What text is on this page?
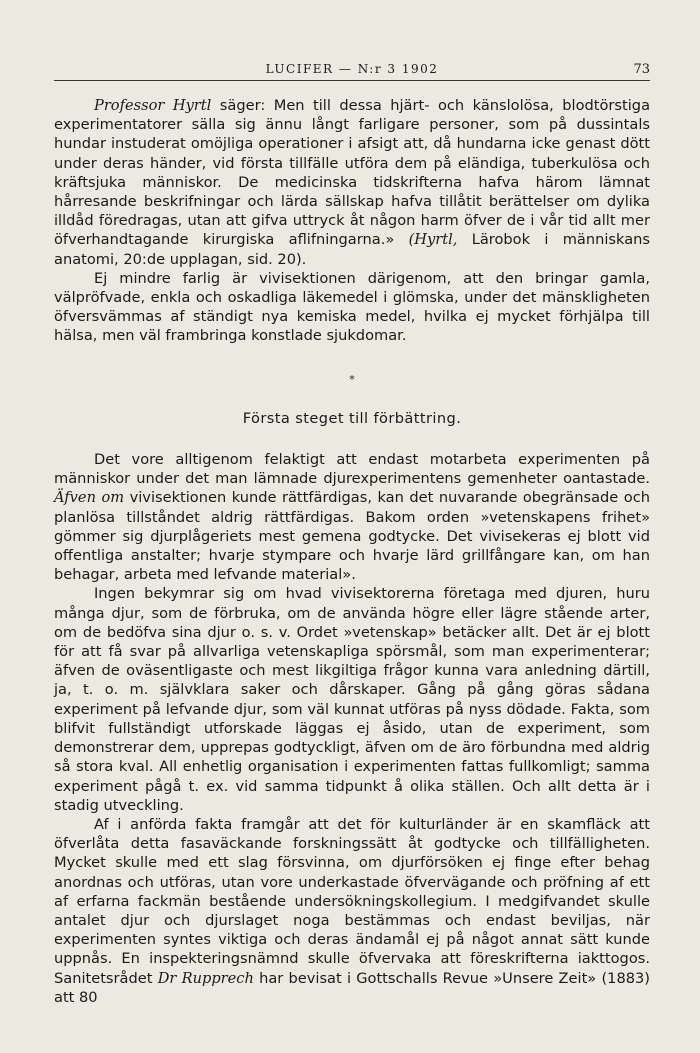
LUCIFER — N:r 3 1902	73

Professor Hyrtl säger: Men till dessa hjärt- och känslolösa, blodtörstiga experimentatorer sälla sig ännu långt farligare personer, som på dussintals hundar instuderat omöjliga operationer i afsigt att, då hundarna icke genast dött under deras händer, vid första tillfälle utföra dem på eländiga, tuberkulösa och kräftsjuka människor. De medicinska tidskrifterna hafva härom lämnat hårresande beskrifningar och lärda sällskap hafva tillåtit berättelser om dylika illdåd föredragas, utan att gifva uttryck åt någon harm öfver de i vår tid allt mer öfverhandtagande kirurgiska aflifningarna.» (Hyrtl, Lärobok i människans anatomi, 20:de upplagan, sid. 20).

Ej mindre farlig är vivisektionen därigenom, att den bringar gamla, välpröfvade, enkla och oskadliga läkemedel i glömska, under det mänskligheten öfversvämmas af ständigt nya kemiska medel, hvilka ej mycket förhjälpa till hälsa, men väl frambringa konstlade sjukdomar.

*
Första steget till förbättring.

Det vore alltigenom felaktigt att endast motarbeta experimenten på människor under det man lämnade djurexperimentens gemenheter oantastade. Äfven om vivisektionen kunde rättfärdigas, kan det nuvarande obegränsade och planlösa tillståndet aldrig rättfärdigas. Bakom orden »vetenskapens frihet» gömmer sig djurplågeriets mest gemena godtycke. Det vivisekeras ej blott vid offentliga anstalter; hvarje stympare och hvarje lärd grillfångare kan, om han behagar, arbeta med lefvande material».

Ingen bekymrar sig om hvad vivisektorerna företaga med djuren, huru många djur, som de förbruka, om de använda högre eller lägre stående arter, om de bedöfva sina djur o. s. v. Ordet »vetenskap» betäcker allt. Det är ej blott för att få svar på allvarliga vetenskapliga spörsmål, som man experimenterar; äfven de oväsentligaste och mest likgiltiga frågor kunna vara anledning därtill, ja, t. o. m. självklara saker och dårskaper. Gång på gång göras sådana experiment på lefvande djur, som väl kunnat utföras på nyss dödade. Fakta, som blifvit fullständigt utforskade läggas ej åsido, utan de experiment, som demonstrerar dem, upprepas godtyckligt, äfven om de äro förbundna med aldrig så stora kval. All enhetlig organisation i experimenten fattas fullkomligt; samma experiment pågå t. ex. vid samma tidpunkt å olika ställen. Och allt detta är i stadig utveckling.

Af i anförda fakta framgår att det för kulturländer är en skamfläck att öfverlåta detta fasaväckande forskningssätt åt godtycke och tillfälligheten. Mycket skulle med ett slag försvinna, om djurförsöken ej finge efter behag anordnas och utföras, utan vore underkastade öfvervägande och pröfning af ett af erfarna fackmän bestående undersökningskollegium. I medgifvandet skulle antalet djur och djurslaget noga bestämmas och endast beviljas, när experimenten syntes viktiga och deras ändamål ej på något annat sätt kunde uppnås. En inspekteringsnämnd skulle öfvervaka att föreskrifterna iakttogos. Sanitetsrådet Dr Rupprech har bevisat i Gottschalls Revue »Unsere Zeit» (1883) att 80
